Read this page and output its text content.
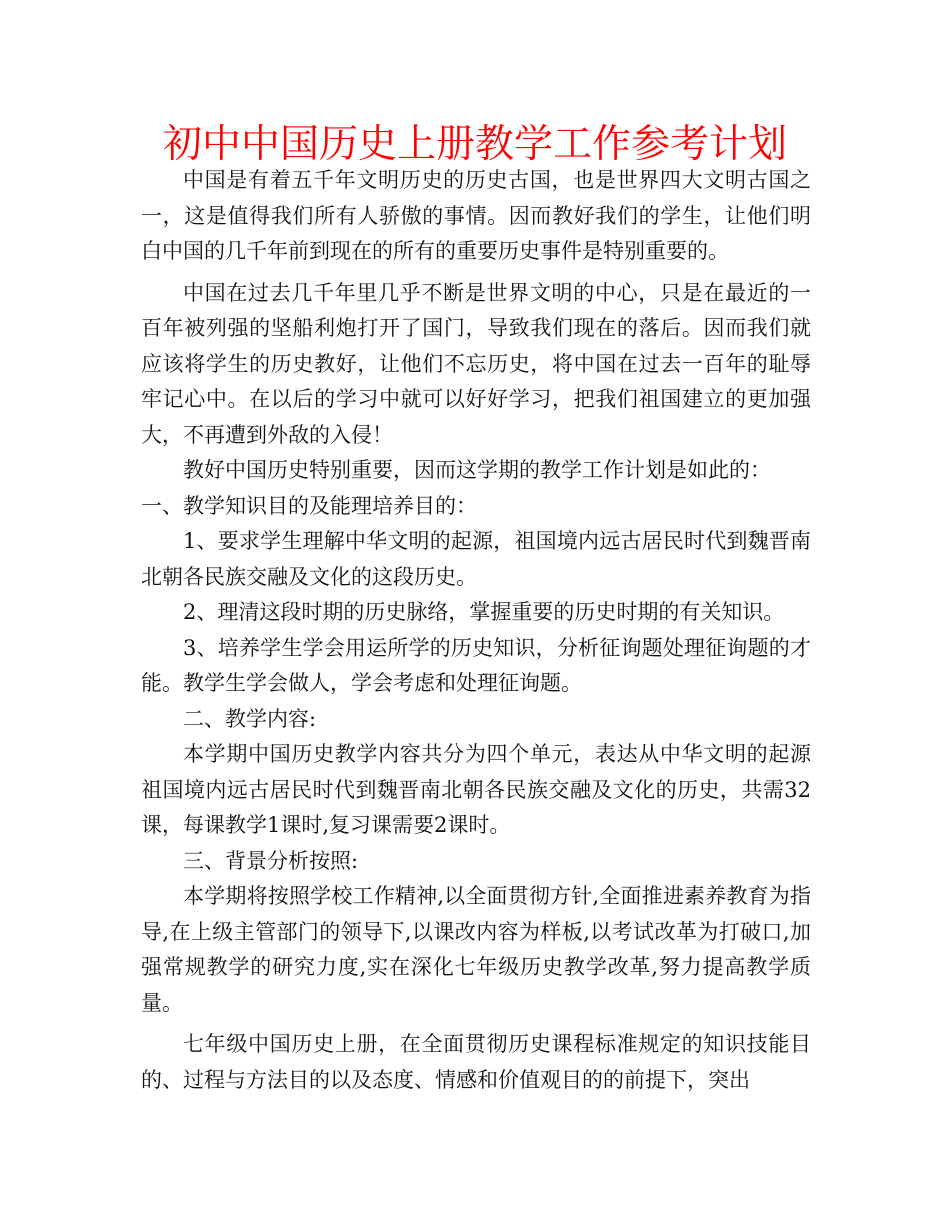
初中中国历史上册教学工作参考计划

中国是有着五千年文明历史的历史古国，也是世界四大文明古国之一，这是值得我们所有人骄傲的事情。因而教好我们的学生，让他们明白中国的几千年前到现在的所有的重要历史事件是特别重要的。

中国在过去几千年里几乎不断是世界文明的中心，只是在最近的一百年被列强的坚船利炮打开了国门，导致我们现在的落后。因而我们就应该将学生的历史教好，让他们不忘历史，将中国在过去一百年的耻辱牢记心中。在以后的学习中就可以好好学习，把我们祖国建立的更加强大，不再遭到外敌的入侵！

教好中国历史特别重要，因而这学期的教学工作计划是如此的：

一、教学知识目的及能理培养目的：

1、要求学生理解中华文明的起源，祖国境内远古居民时代到魏晋南北朝各民族交融及文化的这段历史。

2、理清这段时期的历史脉络，掌握重要的历史时期的有关知识。

3、培养学生学会用运所学的历史知识，分析征询题处理征询题的才能。教学生学会做人，学会考虑和处理征询题。

二、教学内容:

本学期中国历史教学内容共分为四个单元，表达从中华文明的起源祖国境内远古居民时代到魏晋南北朝各民族交融及文化的历史，共需32课，每课教学1课时,复习课需要2课时。

三、背景分析按照:

本学期将按照学校工作精神,以全面贯彻方针,全面推进素养教育为指导,在上级主管部门的领导下,以课改内容为样板,以考试改革为打破口,加强常规教学的研究力度,实在深化七年级历史教学改革,努力提高教学质量。

七年级中国历史上册，在全面贯彻历史课程标准规定的知识技能目的、过程与方法目的以及态度、情感和价值观目的的前提下，突出
